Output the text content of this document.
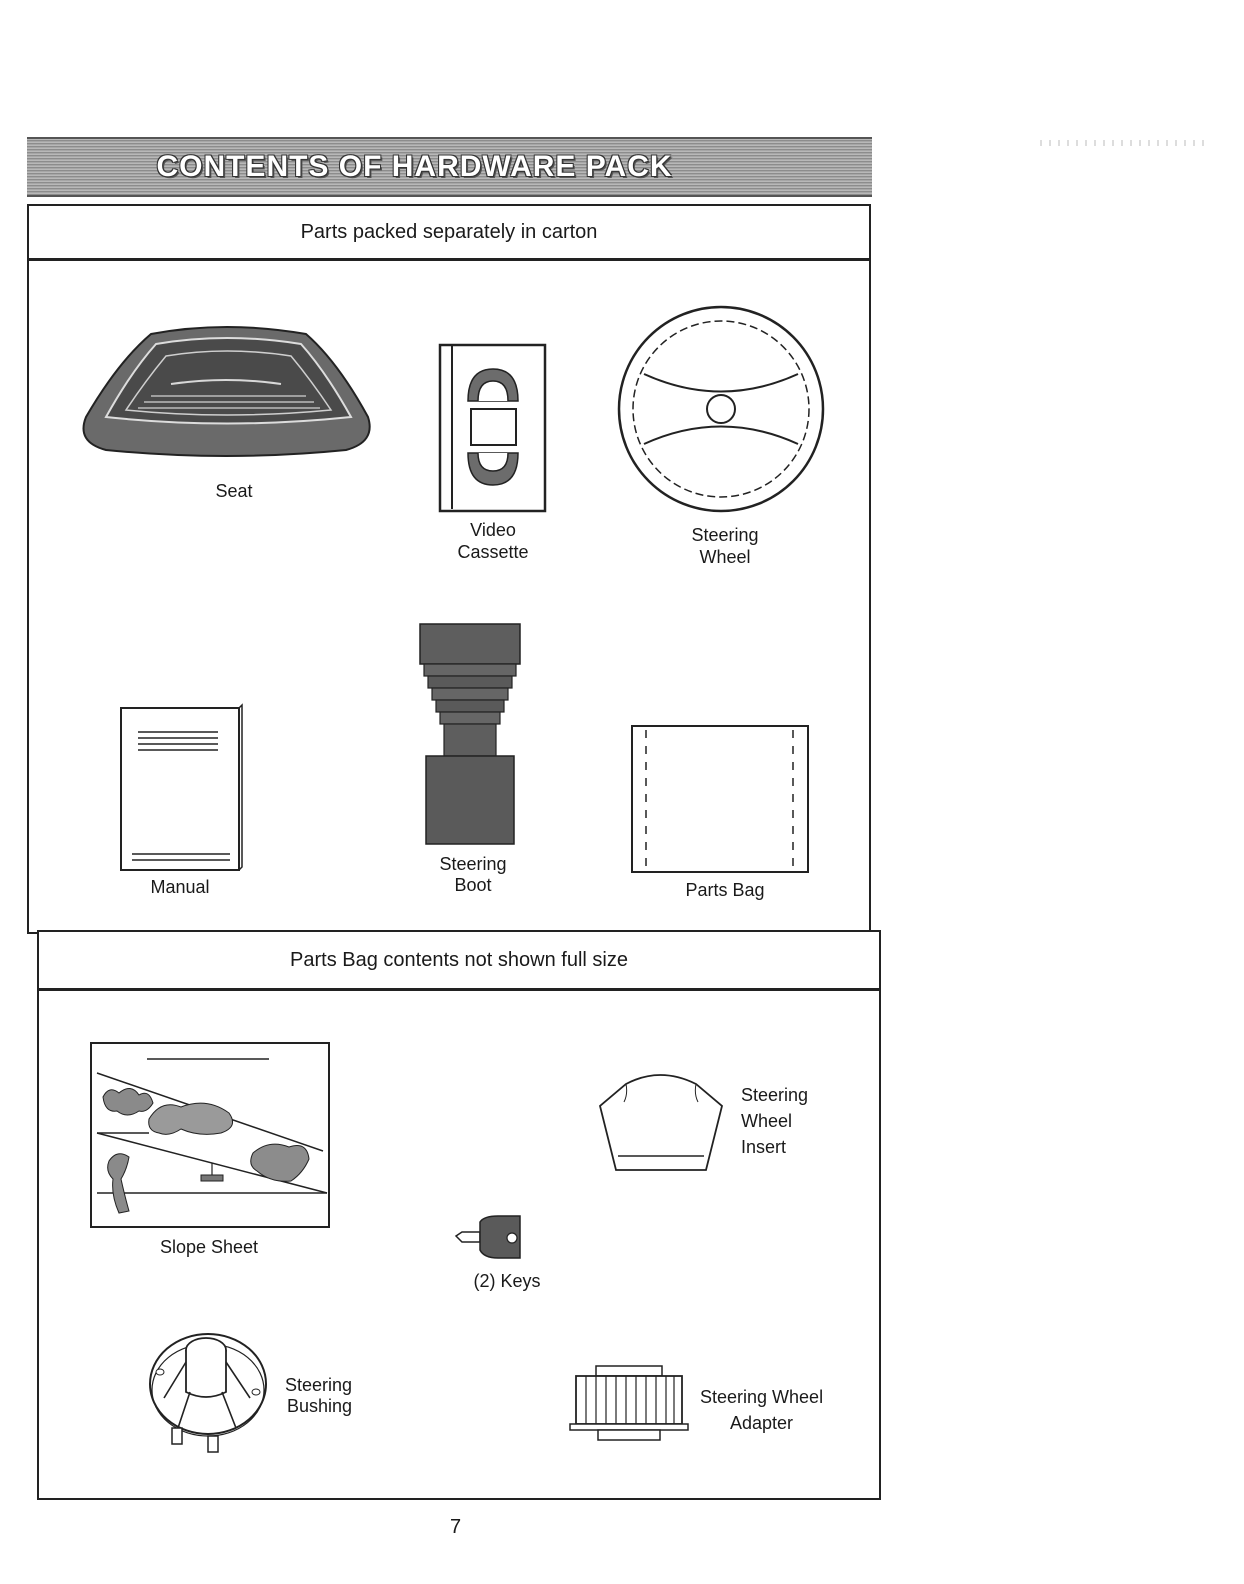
CONTENTS OF HARDWARE PACK
Parts packed separately in carton
Parts Bag contents not shown full size
Seat
Video
Cassette
Steering
Wheel
Manual
Steering
Boot	Parts Bag
Slope Sheet
(2) Keys
Steering
Wheel
Insert
Steering
Bushing	Steering Wheel
Adapter
7
